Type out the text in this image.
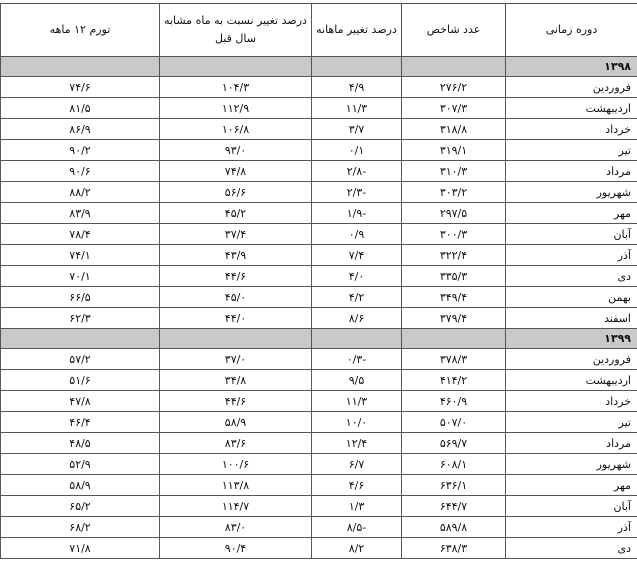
دوره زمانی	عدد شاخص	درصد تغییر ماهانه	درصد تغییر نسبت به ماه مشابه سال قبل	تورم ۱۲ ماهه
۱۳۹۸				
فروردین	۲۷۶/۲	۴/۹	۱۰۴/۳	۷۴/۶
اردیبهشت	۳۰۷/۳	۱۱/۳	۱۱۲/۹	۸۱/۵
خرداد	۳۱۸/۸	۳/۷	۱۰۶/۸	۸۶/۹
تیر	۳۱۹/۱	۰/۱	۹۳/۰	۹۰/۲
مرداد	۳۱۰/۳	-۲/۸	۷۴/۸	۹۰/۶
شهریور	۳۰۳/۲	-۲/۳	۵۶/۶	۸۸/۲
مهر	۲۹۷/۵	-۱/۹	۴۵/۲	۸۳/۹
آبان	۳۰۰/۳	۰/۹	۳۷/۴	۷۸/۴
آذر	۳۲۲/۴	۷/۴	۴۳/۹	۷۴/۱
دی	۳۳۵/۳	۴/۰	۴۴/۶	۷۰/۱
بهمن	۳۴۹/۴	۴/۲	۴۵/۰	۶۶/۵
اسفند	۳۷۹/۴	۸/۶	۴۴/۰	۶۲/۳
۱۳۹۹				
فروردین	۳۷۸/۳	-۰/۳	۳۷/۰	۵۷/۲
اردیبهشت	۴۱۴/۲	۹/۵	۳۴/۸	۵۱/۶
خرداد	۴۶۰/۹	۱۱/۳	۴۴/۶	۴۷/۸
تیر	۵۰۷/۰	۱۰/۰	۵۸/۹	۴۶/۴
مرداد	۵۶۹/۷	۱۲/۴	۸۳/۶	۴۸/۵
شهریور	۶۰۸/۱	۶/۷	۱۰۰/۶	۵۲/۹
مهر	۶۳۶/۱	۴/۶	۱۱۳/۸	۵۸/۹
آبان	۶۴۴/۷	۱/۳	۱۱۴/۷	۶۵/۲
آذر	۵۸۹/۸	-۸/۵	۸۳/۰	۶۸/۲
دی	۶۳۸/۳	۸/۲	۹۰/۴	۷۱/۸
